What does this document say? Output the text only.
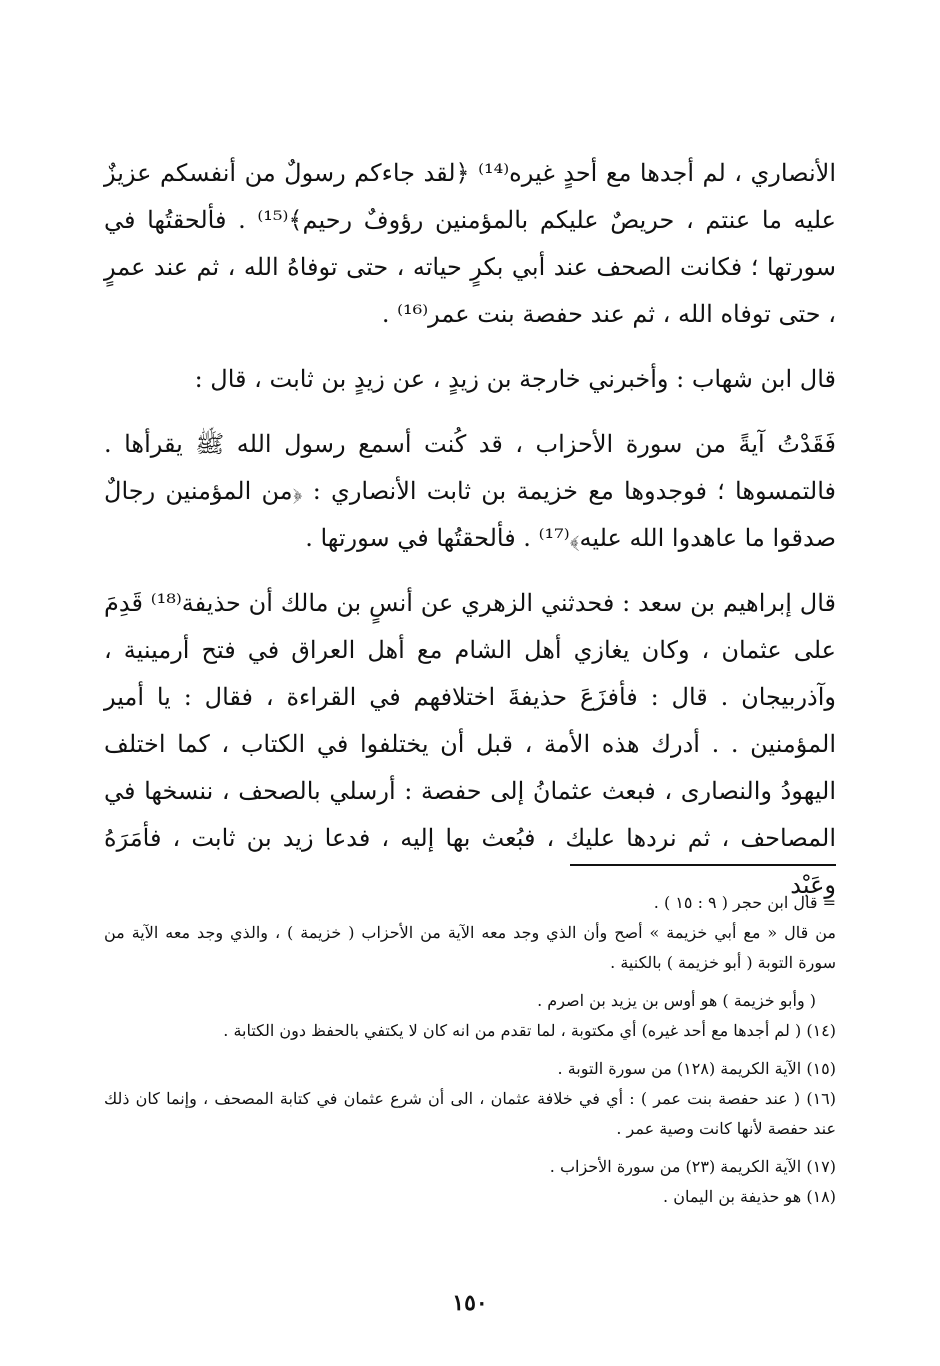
الأنصاري ، لم أجدها مع أحدٍ غيره⁽¹⁴⁾ ﴿لقد جاءكم رسولٌ من أنفسكم عزيزٌ عليه ما عنتم ، حريصٌ عليكم بالمؤمنين رؤوفٌ رحيم﴾⁽¹⁵⁾ . فألحقتُها في سورتها ؛ فكانت الصحف عند أبي بكرٍ حياته ، حتى توفاهُ الله ، ثم عند عمرٍ ، حتى توفاه الله ، ثم عند حفصة بنت عمر⁽¹⁶⁾ .

قال ابن شهاب : وأخبرني خارجة بن زيدٍ ، عن زيدٍ بن ثابت ، قال :

فَقَدْتُ آيةً من سورة الأحزاب ، قد كُنت أسمع رسول الله ﷺ يقرأها . فالتمسوها ؛ فوجدوها مع خزيمة بن ثابت الأنصاري : ﴿من المؤمنين رجالٌ صدقوا ما عاهدوا الله عليه﴾⁽¹⁷⁾ . فألحقتُها في سورتها .

قال إبراهيم بن سعد : فحدثني الزهري عن أنسٍ بن مالك أن حذيفة⁽¹⁸⁾ قَدِمَ على عثمان ، وكان يغازي أهل الشام مع أهل العراق في فتح أرمينية ، وآذربيجان . قال : فأفزَعَ حذيفةَ اختلافهم في القراءة ، فقال : يا أمير المؤمنين . . أدرك هذه الأمة ، قبل أن يختلفوا في الكتاب ، كما اختلف اليهودُ والنصارى ، فبعث عثمانُ إلى حفصة : أرسلي بالصحف ، ننسخها في المصاحف ، ثم نردها عليك ، فبُعث بها إليه ، فدعا زيد بن ثابت ، فأمَرَهُ وعَبْد

= قال ابن حجر ( ٩ : ١٥ ) .

من قال « مع أبي خزيمة » أصح وأن الذي وجد معه الآية من الأحزاب ( خزيمة ) ، والذي وجد معه الآية من سورة التوبة ( أبو خزيمة ) بالكنية .

( وأبو خزيمة ) هو أوس بن يزيد بن اصرم .

(١٤) ( لم أجدها مع أحد غيره) أي مكتوبة ، لما تقدم من انه كان لا يكتفي بالحفظ دون الكتابة .

(١٥) الآية الكريمة (١٢٨) من سورة التوبة .

(١٦) ( عند حفصة بنت عمر ) : أي في خلافة عثمان ، الى أن شرع عثمان في كتابة المصحف ، وإنما كان ذلك عند حفصة لأنها كانت وصية عمر .

(١٧) الآية الكريمة (٢٣) من سورة الأحزاب .

(١٨) هو حذيفة بن اليمان .

١٥٠
